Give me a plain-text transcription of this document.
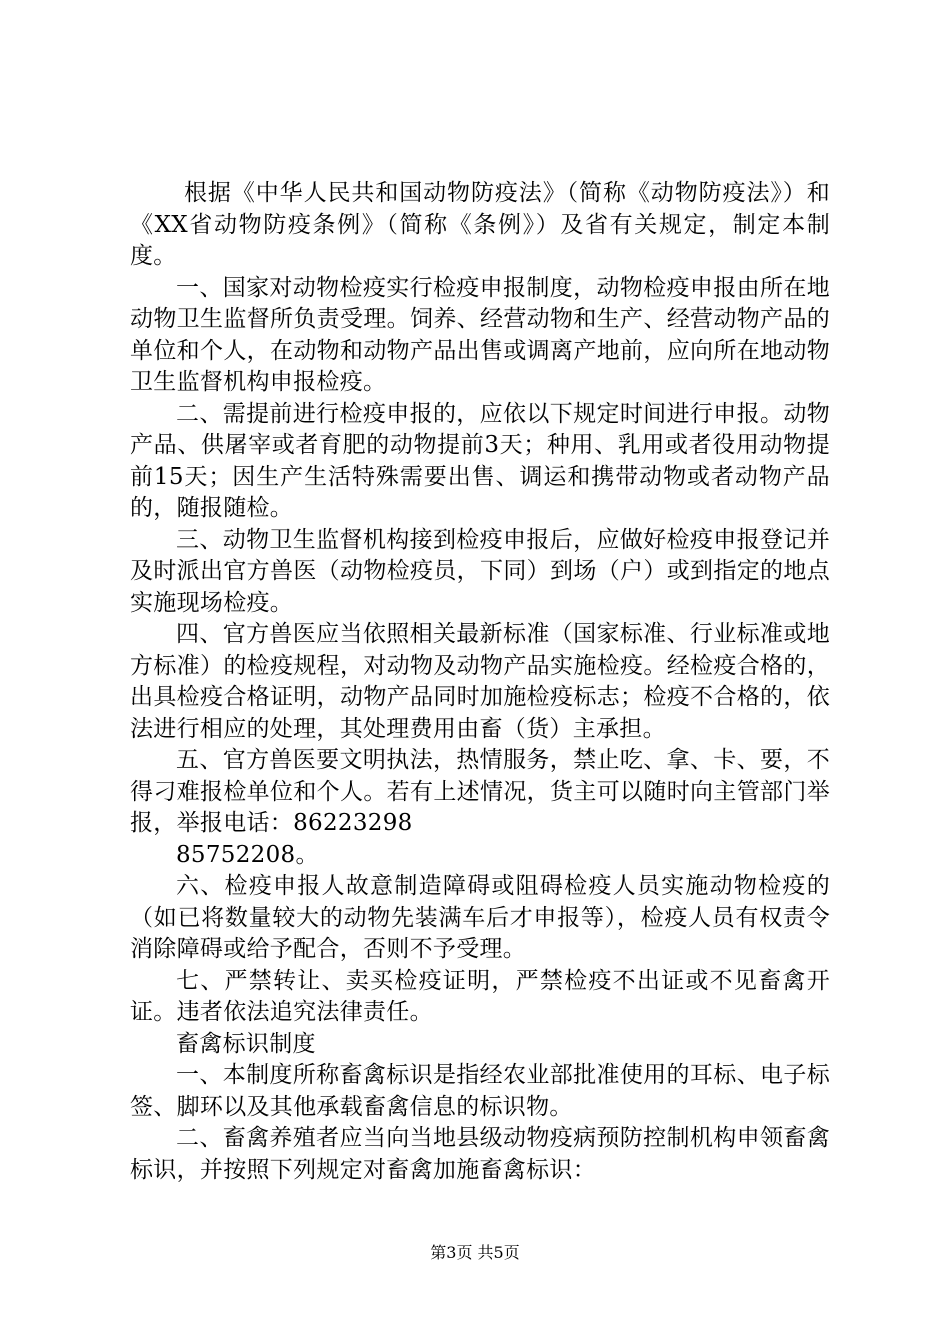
根据《中华人民共和国动物防疫法》（简称《动物防疫法》）和《XX省动物防疫条例》（简称《条例》）及省有关规定，制定本制度。

一、国家对动物检疫实行检疫申报制度，动物检疫申报由所在地动物卫生监督所负责受理。饲养、经营动物和生产、经营动物产品的单位和个人，在动物和动物产品出售或调离产地前，应向所在地动物卫生监督机构申报检疫。

二、需提前进行检疫申报的，应依以下规定时间进行申报。动物产品、供屠宰或者育肥的动物提前3天；种用、乳用或者役用动物提前15天；因生产生活特殊需要出售、调运和携带动物或者动物产品的，随报随检。

三、动物卫生监督机构接到检疫申报后，应做好检疫申报登记并及时派出官方兽医（动物检疫员，下同）到场（户）或到指定的地点实施现场检疫。

四、官方兽医应当依照相关最新标准（国家标准、行业标准或地方标准）的检疫规程，对动物及动物产品实施检疫。经检疫合格的，出具检疫合格证明，动物产品同时加施检疫标志；检疫不合格的，依法进行相应的处理，其处理费用由畜（货）主承担。

五、官方兽医要文明执法，热情服务，禁止吃、拿、卡、要，不得刁难报检单位和个人。若有上述情况，货主可以随时向主管部门举报，举报电话：86223298

85752208。

六、检疫申报人故意制造障碍或阻碍检疫人员实施动物检疫的（如已将数量较大的动物先装满车后才申报等），检疫人员有权责令消除障碍或给予配合，否则不予受理。

七、严禁转让、卖买检疫证明，严禁检疫不出证或不见畜禽开证。违者依法追究法律责任。

畜禽标识制度

一、本制度所称畜禽标识是指经农业部批准使用的耳标、电子标签、脚环以及其他承载畜禽信息的标识物。

二、畜禽养殖者应当向当地县级动物疫病预防控制机构申领畜禽标识，并按照下列规定对畜禽加施畜禽标识：

第3页 共5页
